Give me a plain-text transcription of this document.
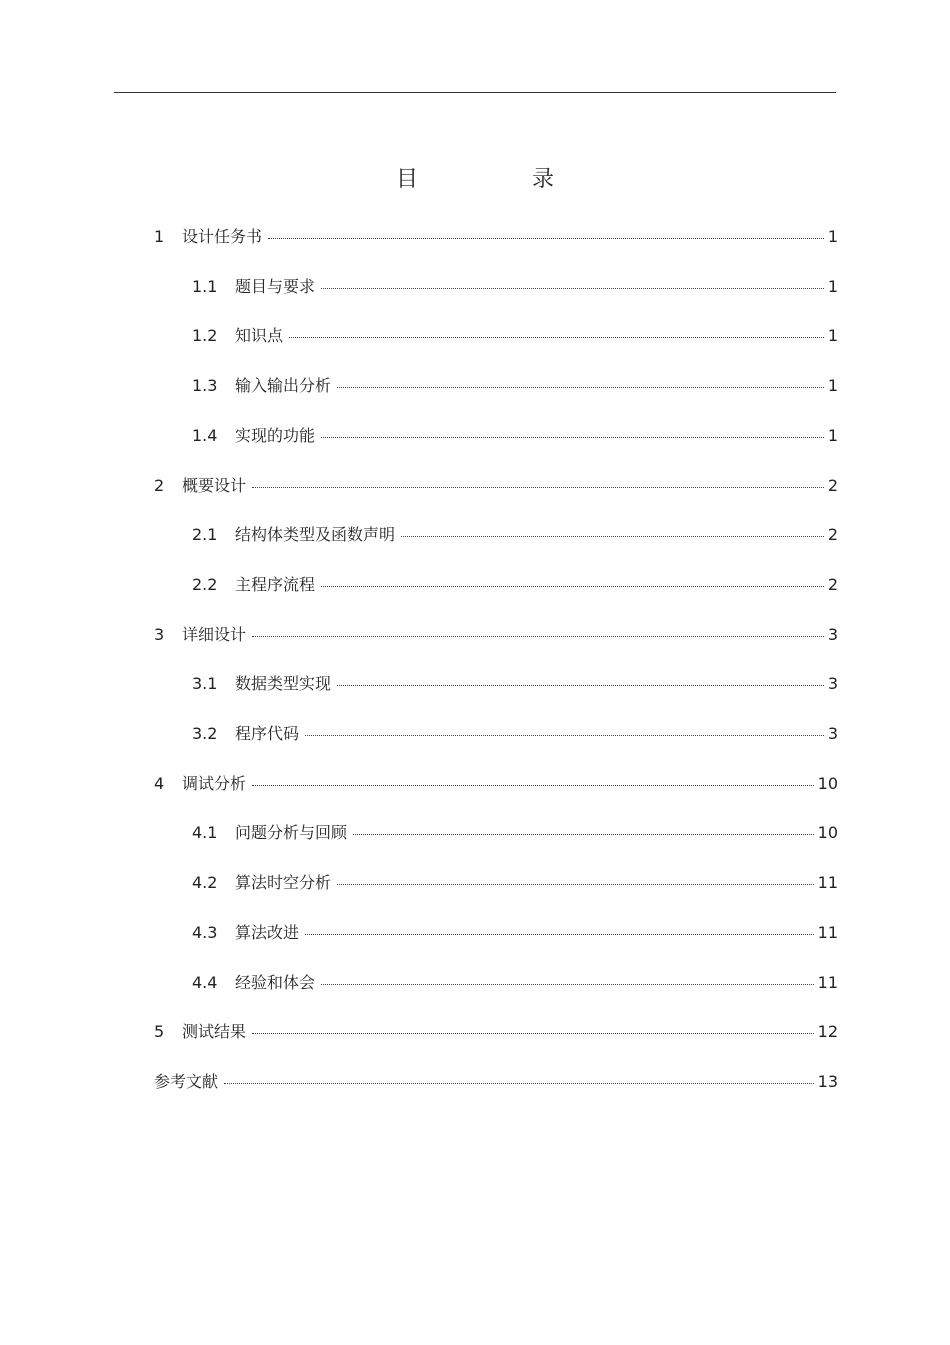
目　录
1	设计任务书	1
1.1	题目与要求	1
1.2	知识点	1
1.3	输入输出分析	1
1.4	实现的功能	1
2	概要设计	2
2.1	结构体类型及函数声明	2
2.2	主程序流程	2
3	详细设计	3
3.1	数据类型实现	3
3.2	程序代码	3
4	调试分析	10
4.1	问题分析与回顾	10
4.2	算法时空分析	11
4.3	算法改进	11
4.4	经验和体会	11
5	测试结果	12
参考文献	13
